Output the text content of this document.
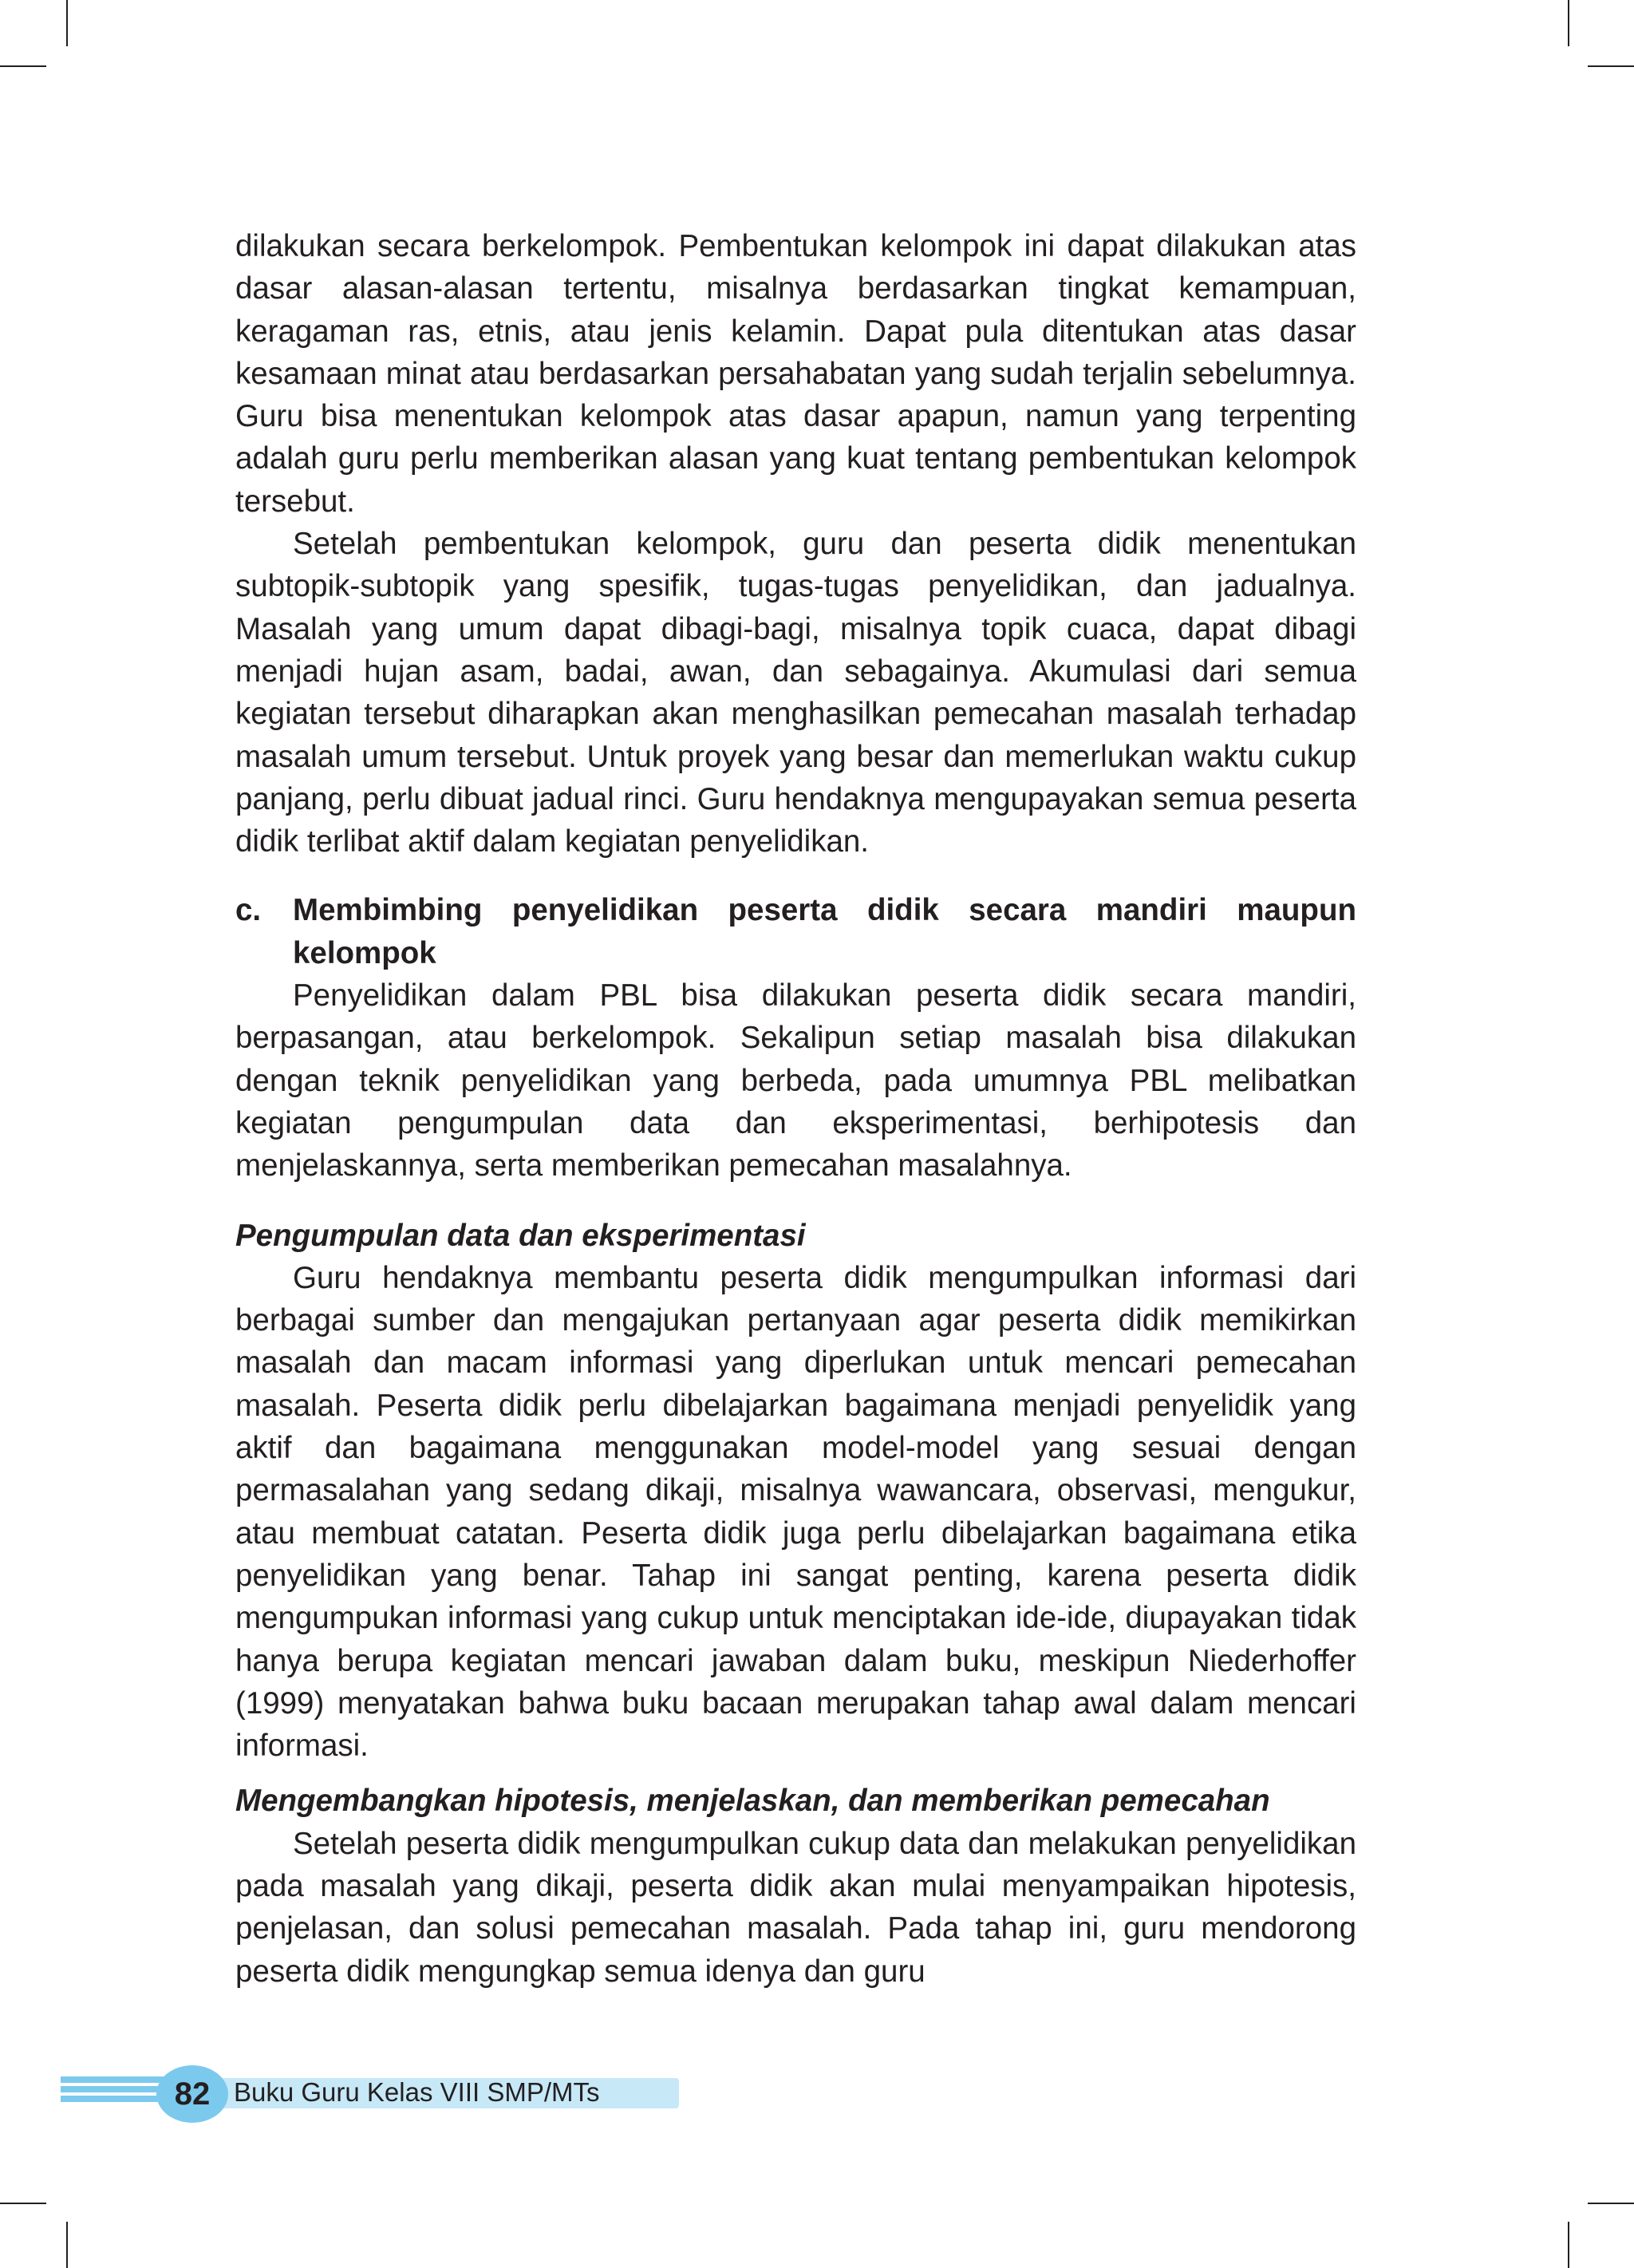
dilakukan secara berkelompok. Pembentukan kelompok ini dapat dilakukan atas dasar alasan-alasan tertentu, misalnya berdasarkan tingkat kemampuan, keragaman ras, etnis, atau jenis kelamin. Dapat pula ditentukan atas dasar kesamaan minat atau berdasarkan persahabatan yang sudah terjalin sebelumnya. Guru bisa menentukan kelompok atas dasar apapun, namun yang terpenting adalah guru perlu memberikan alasan yang kuat tentang pembentukan kelompok tersebut.

Setelah pembentukan kelompok, guru dan peserta didik menentukan subtopik-subtopik yang spesifik, tugas-tugas penyelidikan, dan jadualnya. Masalah yang umum dapat dibagi-bagi, misalnya topik cuaca, dapat dibagi menjadi hujan asam, badai, awan, dan sebagainya. Akumulasi dari semua kegiatan tersebut diharapkan akan menghasilkan pemecahan masalah terhadap masalah umum tersebut. Untuk proyek yang besar dan memerlukan waktu cukup panjang, perlu dibuat jadual rinci. Guru hendaknya mengupayakan semua peserta didik terlibat aktif dalam kegiatan penyelidikan.

c.	Membimbing penyelidikan peserta didik secara mandiri maupun kelompok

Penyelidikan dalam PBL bisa dilakukan peserta didik secara mandiri, berpasangan, atau berkelompok. Sekalipun setiap masalah bisa dilakukan dengan teknik penyelidikan yang berbeda, pada umumnya PBL melibatkan kegiatan pengumpulan data dan eksperimentasi, berhipotesis dan menjelaskannya, serta memberikan pemecahan masalahnya.

Pengumpulan data dan eksperimentasi

Guru hendaknya membantu peserta didik mengumpulkan informasi dari berbagai sumber dan mengajukan pertanyaan agar peserta didik memikirkan masalah dan macam informasi yang diperlukan untuk mencari pemecahan masalah. Peserta didik perlu dibelajarkan bagaimana menjadi penyelidik yang aktif dan bagaimana menggunakan model-model yang sesuai dengan permasalahan yang sedang dikaji, misalnya wawancara, observasi, mengukur, atau membuat catatan. Peserta didik juga perlu dibelajarkan bagaimana etika penyelidikan yang benar. Tahap ini sangat penting, karena peserta didik mengumpukan informasi yang cukup untuk menciptakan ide-ide, diupayakan tidak hanya berupa kegiatan mencari jawaban dalam buku, meskipun Niederhoffer (1999) menyatakan bahwa buku bacaan merupakan tahap awal dalam mencari informasi.

Mengembangkan hipotesis, menjelaskan, dan memberikan pemecahan

Setelah peserta didik mengumpulkan cukup data dan melakukan penyelidikan pada masalah yang dikaji, peserta didik akan mulai menyampaikan hipotesis, penjelasan, dan solusi pemecahan masalah. Pada tahap ini, guru mendorong peserta didik mengungkap semua idenya dan guru

82 Buku Guru Kelas VIII SMP/MTs
